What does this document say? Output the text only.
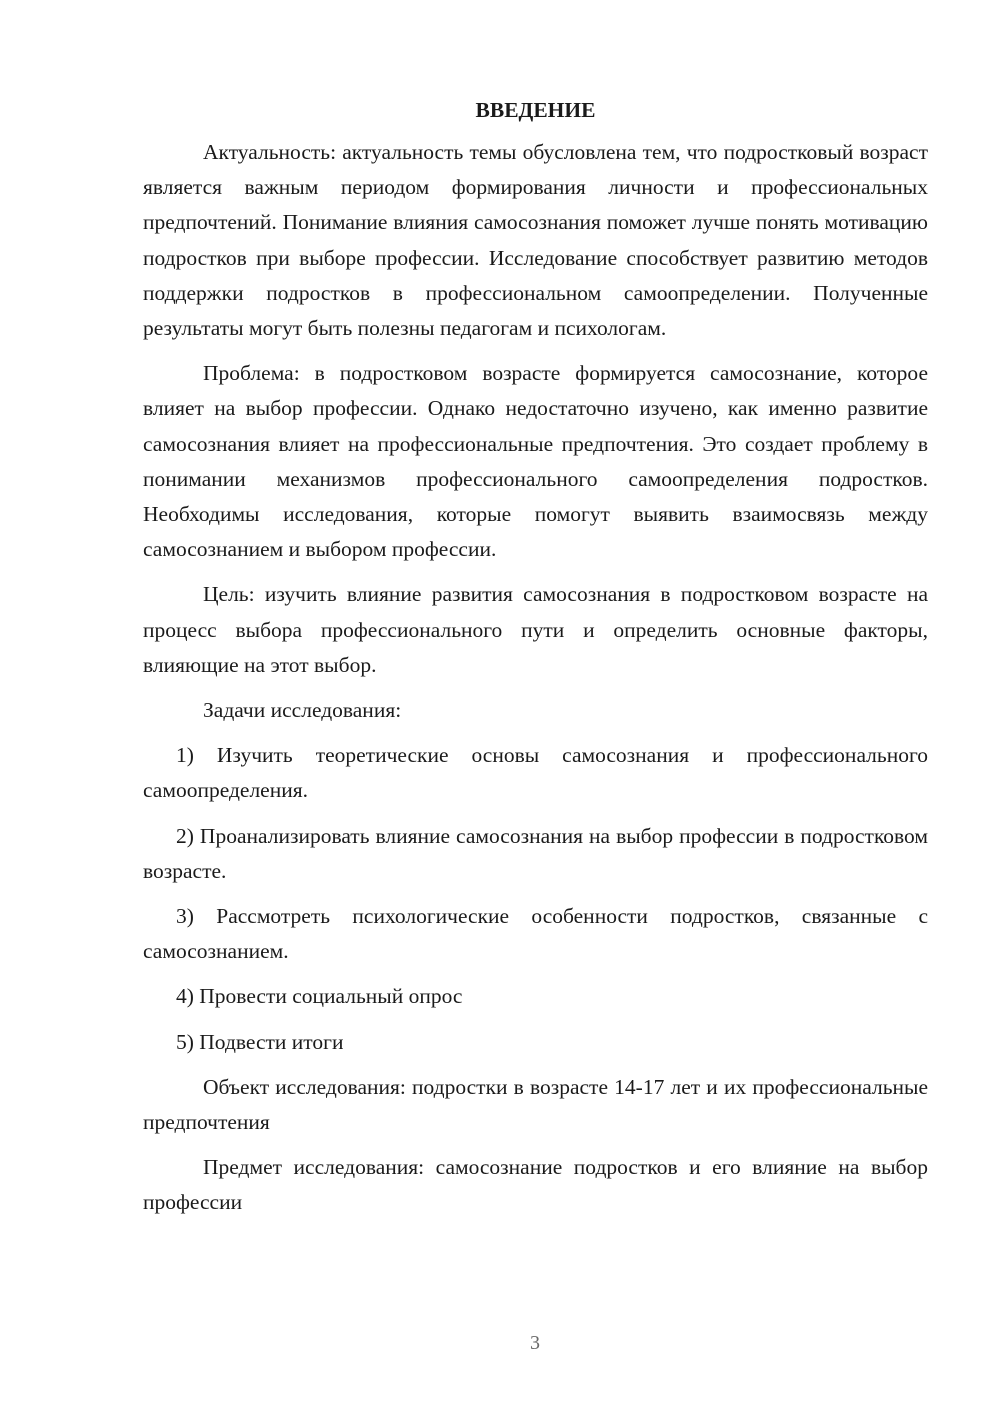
ВВЕДЕНИЕ

Актуальность: актуальность темы обусловлена тем, что подростковый возраст является важным периодом формирования личности и профессиональных предпочтений. Понимание влияния самосознания поможет лучше понять мотивацию подростков при выборе профессии. Исследование способствует развитию методов поддержки подростков в профессиональном самоопределении. Полученные результаты могут быть полезны педагогам и психологам.

Проблема: в подростковом возрасте формируется самосознание, которое влияет на выбор профессии. Однако недостаточно изучено, как именно развитие самосознания влияет на профессиональные предпочтения. Это создает проблему в понимании механизмов профессионального самоопределения подростков. Необходимы исследования, которые помогут выявить взаимосвязь между самосознанием и выбором профессии.

Цель: изучить влияние развития самосознания в подростковом возрасте на процесс выбора профессионального пути и определить основные факторы, влияющие на этот выбор.

Задачи исследования:

1) Изучить теоретические основы самосознания и профессионального самоопределения.

2) Проанализировать влияние самосознания на выбор профессии в подростковом возрасте.

3) Рассмотреть психологические особенности подростков, связанные с самосознанием.

4) Провести социальный опрос

5) Подвести итоги

Объект исследования: подростки в возрасте 14-17 лет и их профессиональные предпочтения

Предмет исследования: самосознание подростков и его влияние на выбор профессии

3
